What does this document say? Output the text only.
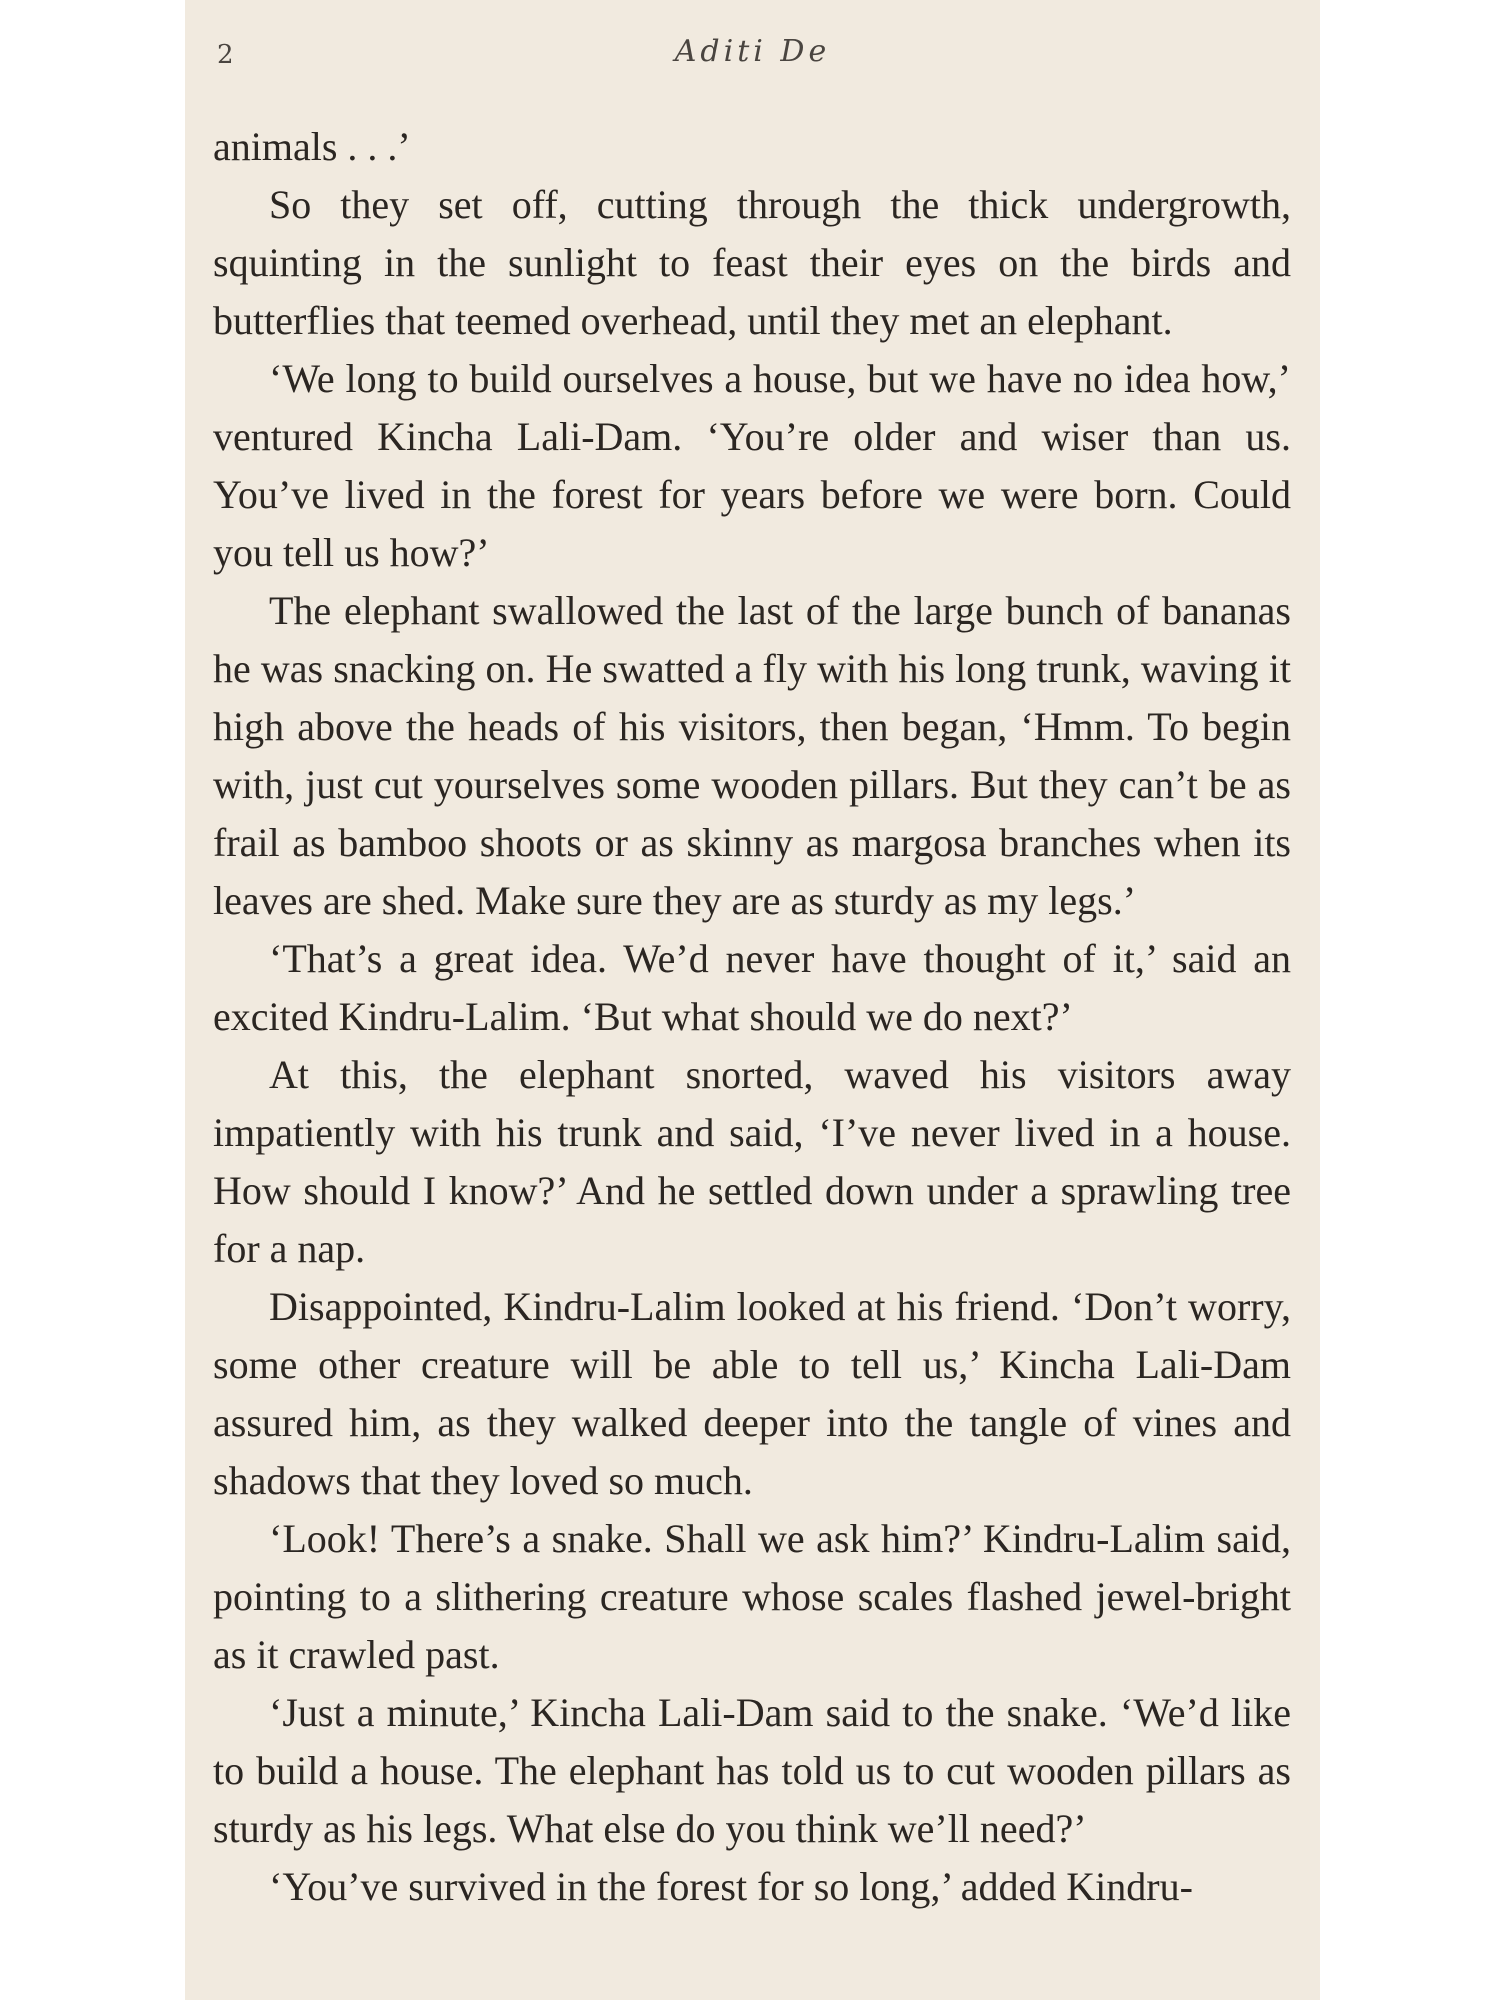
2	Aditi De

animals . . .’

So they set off, cutting through the thick undergrowth, squinting in the sunlight to feast their eyes on the birds and butterflies that teemed overhead, until they met an elephant.

‘We long to build ourselves a house, but we have no idea how,’ ventured Kincha Lali-Dam. ‘You’re older and wiser than us. You’ve lived in the forest for years before we were born. Could you tell us how?’

The elephant swallowed the last of the large bunch of bananas he was snacking on. He swatted a fly with his long trunk, waving it high above the heads of his visitors, then began, ‘Hmm. To begin with, just cut yourselves some wooden pillars. But they can’t be as frail as bamboo shoots or as skinny as margosa branches when its leaves are shed. Make sure they are as sturdy as my legs.’

‘That’s a great idea. We’d never have thought of it,’ said an excited Kindru-Lalim. ‘But what should we do next?’

At this, the elephant snorted, waved his visitors away impatiently with his trunk and said, ‘I’ve never lived in a house. How should I know?’ And he settled down under a sprawling tree for a nap.

Disappointed, Kindru-Lalim looked at his friend. ‘Don’t worry, some other creature will be able to tell us,’ Kincha Lali-Dam assured him, as they walked deeper into the tangle of vines and shadows that they loved so much.

‘Look! There’s a snake. Shall we ask him?’ Kindru-Lalim said, pointing to a slithering creature whose scales flashed jewel-bright as it crawled past.

‘Just a minute,’ Kincha Lali-Dam said to the snake. ‘We’d like to build a house. The elephant has told us to cut wooden pillars as sturdy as his legs. What else do you think we’ll need?’

‘You’ve survived in the forest for so long,’ added Kindru-
